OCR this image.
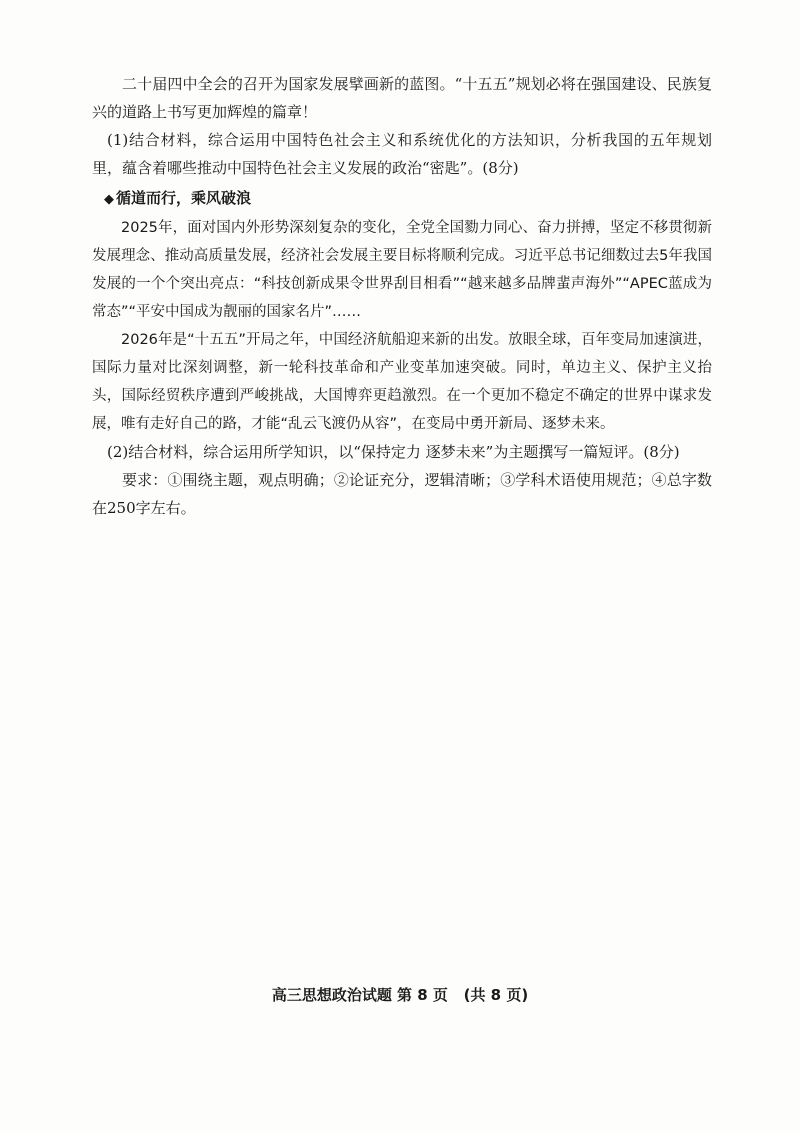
二十届四中全会的召开为国家发展擘画新的蓝图。“十五五”规划必将在强国建设、民族复兴的道路上书写更加辉煌的篇章！

(1)结合材料，综合运用中国特色社会主义和系统优化的方法知识，分析我国的五年规划里，蕴含着哪些推动中国特色社会主义发展的政治“密匙”。(8分)

◆ 循道而行，乘风破浪

2025年，面对国内外形势深刻复杂的变化，全党全国勠力同心、奋力拼搏，坚定不移贯彻新发展理念、推动高质量发展，经济社会发展主要目标将顺利完成。习近平总书记细数过去5年我国发展的一个个突出亮点：“科技创新成果令世界刮目相看”“越来越多品牌蜚声海外”“APEC蓝成为常态”“平安中国成为靓丽的国家名片”……

2026年是“十五五”开局之年，中国经济航船迎来新的出发。放眼全球，百年变局加速演进，国际力量对比深刻调整，新一轮科技革命和产业变革加速突破。同时，单边主义、保护主义抬头，国际经贸秩序遭到严峻挑战，大国博弈更趋激烈。在一个更加不稳定不确定的世界中谋求发展，唯有走好自己的路，才能“乱云飞渡仍从容”，在变局中勇开新局、逐梦未来。

(2)结合材料，综合运用所学知识，以“保持定力 逐梦未来”为主题撰写一篇短评。(8分)

要求：①围绕主题，观点明确；②论证充分，逻辑清晰；③学科术语使用规范；④总字数在250字左右。

高三思想政治试题 第 8 页   (共 8 页)
